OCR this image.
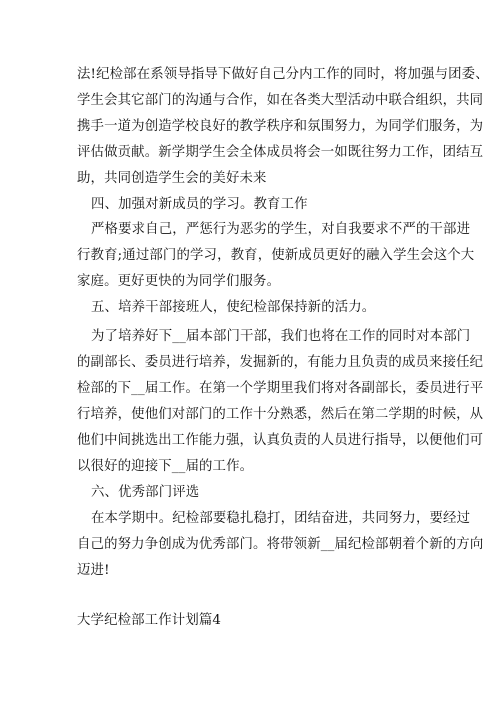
法!纪检部在系领导指导下做好自己分内工作的同时，将加强与团委、
学生会其它部门的沟通与合作，如在各类大型活动中联合组织，共同
携手一道为创造学校良好的教学秩序和氛围努力，为同学们服务，为
评估做贡献。新学期学生会全体成员将会一如既往努力工作，团结互
助，共同创造学生会的美好未来
四、加强对新成员的学习。教育工作
严格要求自己，严惩行为恶劣的学生，对自我要求不严的干部进
行教育;通过部门的学习，教育，使新成员更好的融入学生会这个大
家庭。更好更快的为同学们服务。
五、培养干部接班人，使纪检部保持新的活力。
为了培养好下__届本部门干部，我们也将在工作的同时对本部门
的副部长、委员进行培养，发掘新的，有能力且负责的成员来接任纪
检部的下__届工作。在第一个学期里我们将对各副部长，委员进行平
行培养，使他们对部门的工作十分熟悉，然后在第二学期的时候，从
他们中间挑选出工作能力强，认真负责的人员进行指导，以便他们可
以很好的迎接下__届的工作。
六、优秀部门评选
在本学期中。纪检部要稳扎稳打，团结奋进，共同努力，要经过
自己的努力争创成为优秀部门。将带领新__届纪检部朝着个新的方向
迈进!
大学纪检部工作计划篇4
